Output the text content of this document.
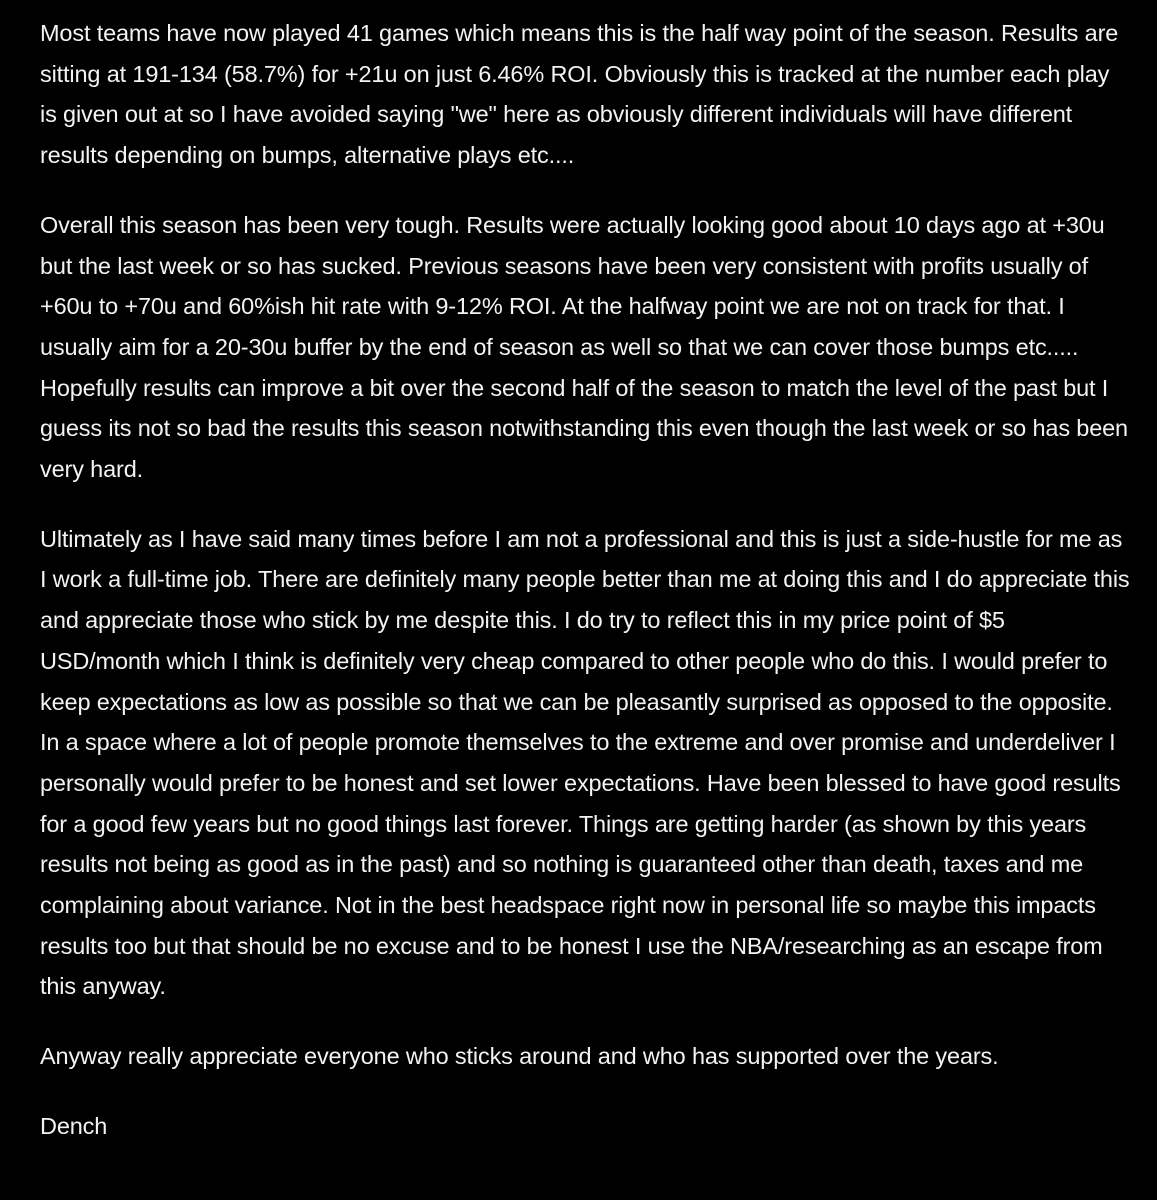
Most teams have now played 41 games which means this is the half way point of the season. Results are sitting at 191-134 (58.7%) for +21u on just 6.46% ROI. Obviously this is tracked at the number each play is given out at so I have avoided saying "we" here as obviously different individuals will have different results depending on bumps, alternative plays etc....

Overall this season has been very tough. Results were actually looking good about 10 days ago at +30u but the last week or so has sucked. Previous seasons have been very consistent with profits usually of +60u to +70u and 60%ish hit rate with 9-12% ROI. At the halfway point we are not on track for that. I usually aim for a 20-30u buffer by the end of season as well so that we can cover those bumps etc..... Hopefully results can improve a bit over the second half of the season to match the level of the past but I guess its not so bad the results this season notwithstanding this even though the last week or so has been very hard.

Ultimately as I have said many times before I am not a professional and this is just a side-hustle for me as I work a full-time job. There are definitely many people better than me at doing this and I do appreciate this and appreciate those who stick by me despite this. I do try to reflect this in my price point of $5 USD/month which I think is definitely very cheap compared to other people who do this. I would prefer to keep expectations as low as possible so that we can be pleasantly surprised as opposed to the opposite. In a space where a lot of people promote themselves to the extreme and over promise and underdeliver I personally would prefer to be honest and set lower expectations. Have been blessed to have good results for a good few years but no good things last forever. Things are getting harder (as shown by this years results not being as good as in the past) and so nothing is guaranteed other than death, taxes and me complaining about variance. Not in the best headspace right now in personal life so maybe this impacts results too but that should be no excuse and to be honest I use the NBA/researching as an escape from this anyway.

Anyway really appreciate everyone who sticks around and who has supported over the years.

Dench
